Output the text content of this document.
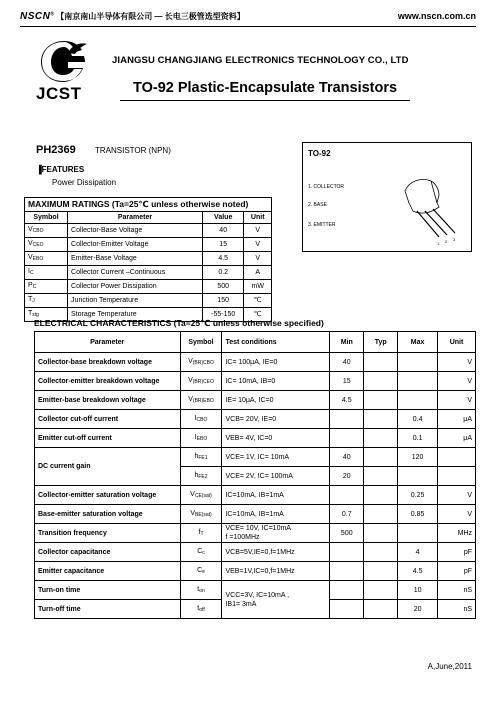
NSCN® 【南京南山半导体有限公司 — 长电三极管选型资料】	www.nscn.com.cn
JCST
JIANGSU CHANGJIANG ELECTRONICS TECHNOLOGY CO., LTD
TO-92 Plastic-Encapsulate Transistors
PH2369 TRANSISTOR (NPN)
▐FEATURES
Power Dissipation
MAXIMUM RATINGS (Ta=25℃ unless otherwise noted)			
Symbol	Parameter	Value	Unit
$V_{CBO}$	Collector-Base Voltage	40	V
$V_{CEO}$	Collector-Emitter Voltage	15	V
$V_{EBO}$	Emitter-Base Voltage	4.5	V
$I_C$	Collector Current –Continuous	0.2	A
$P_C$	Collector Power Dissipation	500	mW
$T_J$	Junction Temperature	150	℃
$T_{stg}$	Storage Temperature	-55-150	℃
TO-92
1. COLLECTOR
2. BASE
3. EMITTER
1 2 3
ELECTRICAL CHARACTERISTICS (Ta=25℃ unless otherwise specified)
Parameter	Symbol	Test conditions	Min	Typ	Max	Unit
Collector-base breakdown voltage	$V_{(BR)CBO}$	IC= 100μA, IE=0	40			V
Collector-emitter breakdown voltage	$V_{(BR)CEO}$	IC= 10mA, IB=0	15			V
Emitter-base breakdown voltage	$V_{(BR)EBO}$	IE= 10μA, IC=0	4.5			V
Collector cut-off current	$I_{CBO}$	VCB= 20V, IE=0			0.4	μA
Emitter cut-off current	$I_{EBO}$	VEB= 4V, IC=0			0.1	μA
DC current gain	$h_{FE1}$	VCE= 1V, IC= 10mA	40		120	
	$h_{FE2}$	VCE= 2V, IC= 100mA	20			
Collector-emitter saturation voltage	$V_{CE(sat)}$	IC=10mA, IB=1mA			0.25	V
Base-emitter saturation voltage	$V_{BE(sat)}$	IC=10mA, IB=1mA	0.7		0.85	V
Transition frequency	$f_T$	VCE= 10V, IC=10mA
f =100MHz	500			MHz
Collector capacitance	$C_c$	VCB=5V,IE=0,f=1MHz			4	pF
Emitter capacitance	$C_e$	VEB=1V,IC=0,f=1MHz			4.5	pF
Turn-on time	$t_{on}$	VCC=3V, IC=10mA ,
IB1= 3mA			10	nS
Turn-off time	$t_{off}$				20	nS
A,June,2011
